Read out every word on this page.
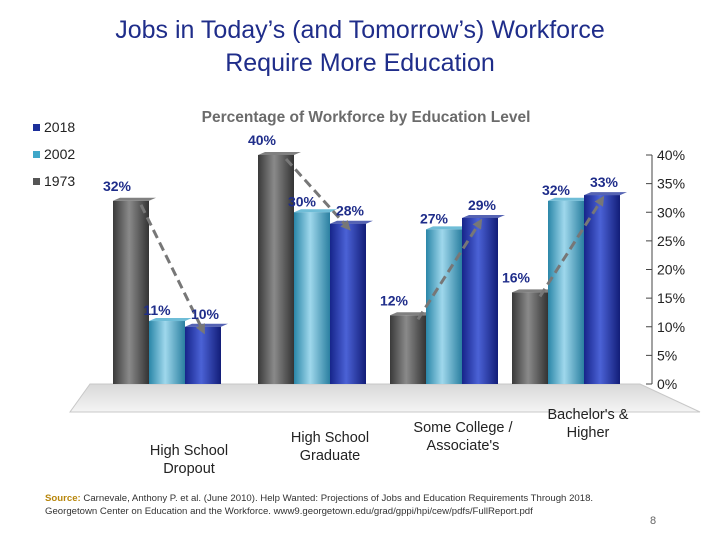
Jobs in Today’s (and Tomorrow’s) Workforce
Require More Education
Percentage of Workforce by Education Level
2018
2002
1973
0%
5%
10%
15%
20%
25%
30%
35%
40%
32%
11% 10%
40%
30%
28%
12%
27%
29%
16%
32% 33%
High School
Dropout
High School
Graduate
Some College /
Associate's
Bachelor's &
Higher
Source: Carnevale, Anthony P. et al. (June 2010). Help Wanted: Projections of Jobs and Education Requirements Through 2018.
Georgetown Center on Education and the Workforce. www9.georgetown.edu/grad/gppi/hpi/cew/pdfs/FullReport.pdf
8
